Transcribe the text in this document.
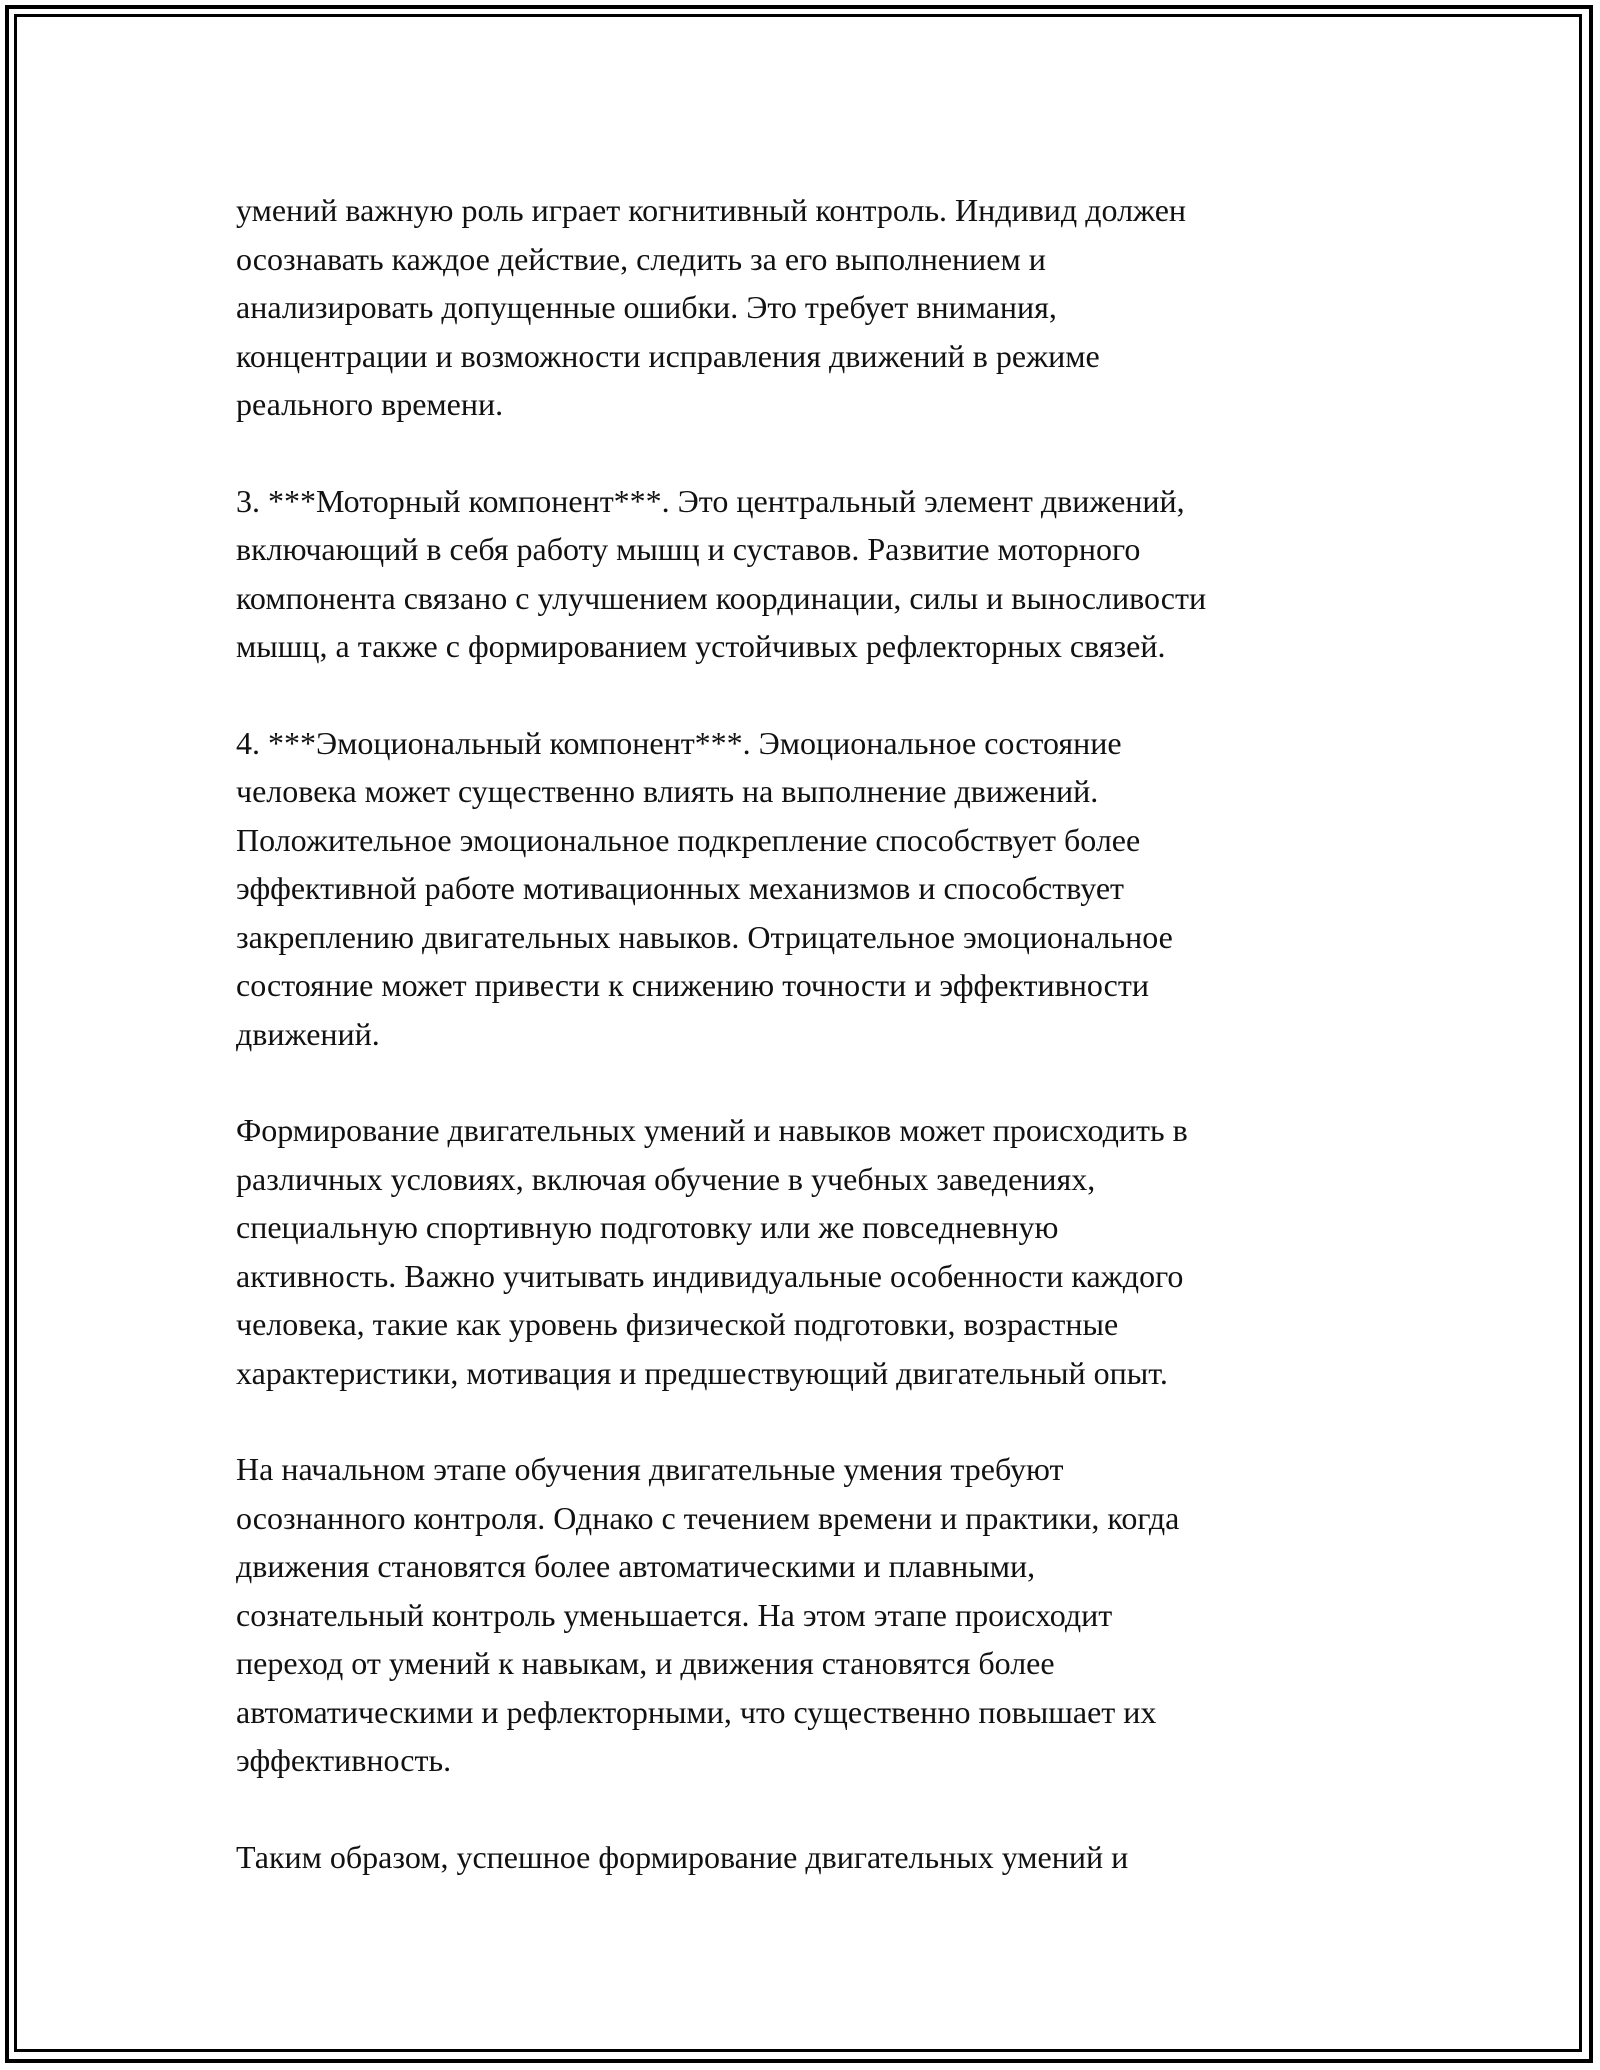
умений важную роль играет когнитивный контроль. Индивид должен
осознавать каждое действие, следить за его выполнением и
анализировать допущенные ошибки. Это требует внимания,
концентрации и возможности исправления движений в режиме
реального времени.

3. ***Моторный компонент***. Это центральный элемент движений,
включающий в себя работу мышц и суставов. Развитие моторного
компонента связано с улучшением координации, силы и выносливости
мышц, а также с формированием устойчивых рефлекторных связей.

4. ***Эмоциональный компонент***. Эмоциональное состояние
человека может существенно влиять на выполнение движений.
Положительное эмоциональное подкрепление способствует более
эффективной работе мотивационных механизмов и способствует
закреплению двигательных навыков. Отрицательное эмоциональное
состояние может привести к снижению точности и эффективности
движений.

Формирование двигательных умений и навыков может происходить в
различных условиях, включая обучение в учебных заведениях,
специальную спортивную подготовку или же повседневную
активность. Важно учитывать индивидуальные особенности каждого
человека, такие как уровень физической подготовки, возрастные
характеристики, мотивация и предшествующий двигательный опыт.

На начальном этапе обучения двигательные умения требуют
осознанного контроля. Однако с течением времени и практики, когда
движения становятся более автоматическими и плавными,
сознательный контроль уменьшается. На этом этапе происходит
переход от умений к навыкам, и движения становятся более
автоматическими и рефлекторными, что существенно повышает их
эффективность.

Таким образом, успешное формирование двигательных умений и
